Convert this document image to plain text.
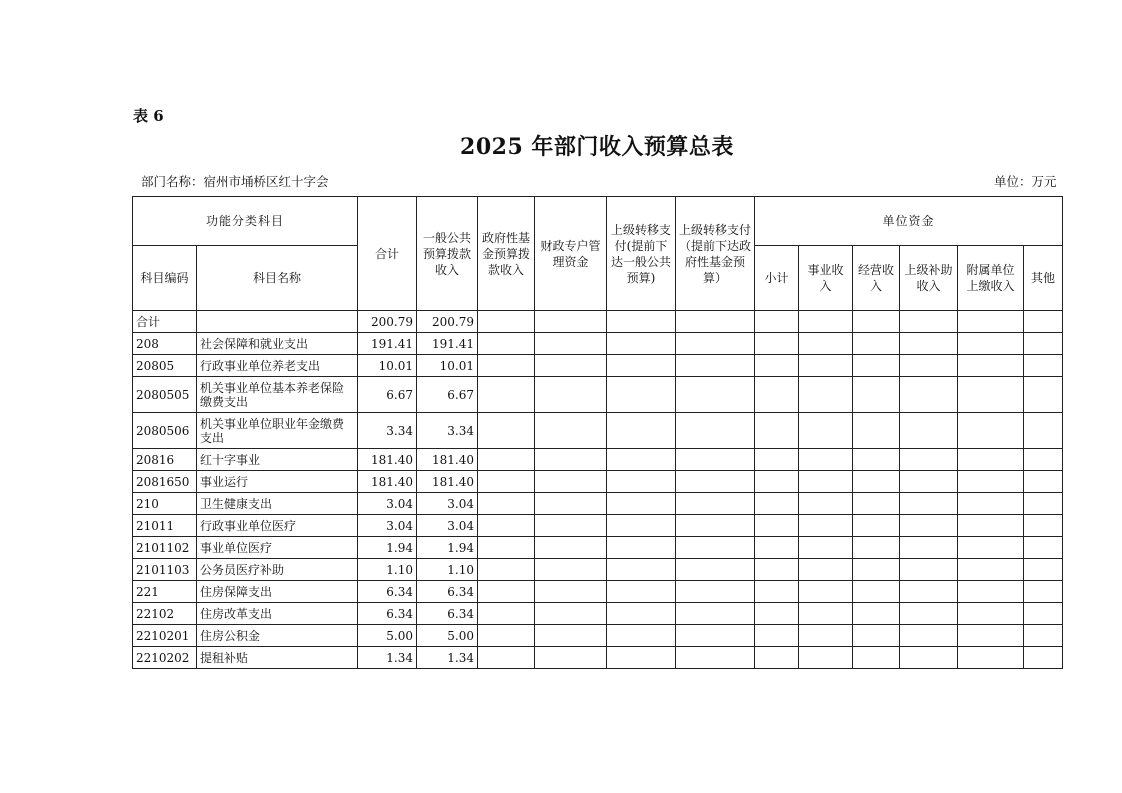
表 6
2025 年部门收入预算总表
部门名称：宿州市埇桥区红十字会	单位：万元
功能分类科目		合计	一般公共预算拨款收入	政府性基金预算拨款收入	财政专户管理资金	上级转移支付(提前下达一般公共预算)	上级转移支付（提前下达政府性基金预算）	单位资金					
科目编码	科目名称							小计	事业收入	经营收入	上级补助收入	附属单位上缴收入	其他
合计		200.79	200.79										
208	社会保障和就业支出	191.41	191.41										
20805	行政事业单位养老支出	10.01	10.01										
2080505	机关事业单位基本养老保险缴费支出	6.67	6.67										
2080506	机关事业单位职业年金缴费支出	3.34	3.34										
20816	红十字事业	181.40	181.40										
2081650	事业运行	181.40	181.40										
210	卫生健康支出	3.04	3.04										
21011	行政事业单位医疗	3.04	3.04										
2101102	事业单位医疗	1.94	1.94										
2101103	公务员医疗补助	1.10	1.10										
221	住房保障支出	6.34	6.34										
22102	住房改革支出	6.34	6.34										
2210201	住房公积金	5.00	5.00										
2210202	提租补贴	1.34	1.34										
